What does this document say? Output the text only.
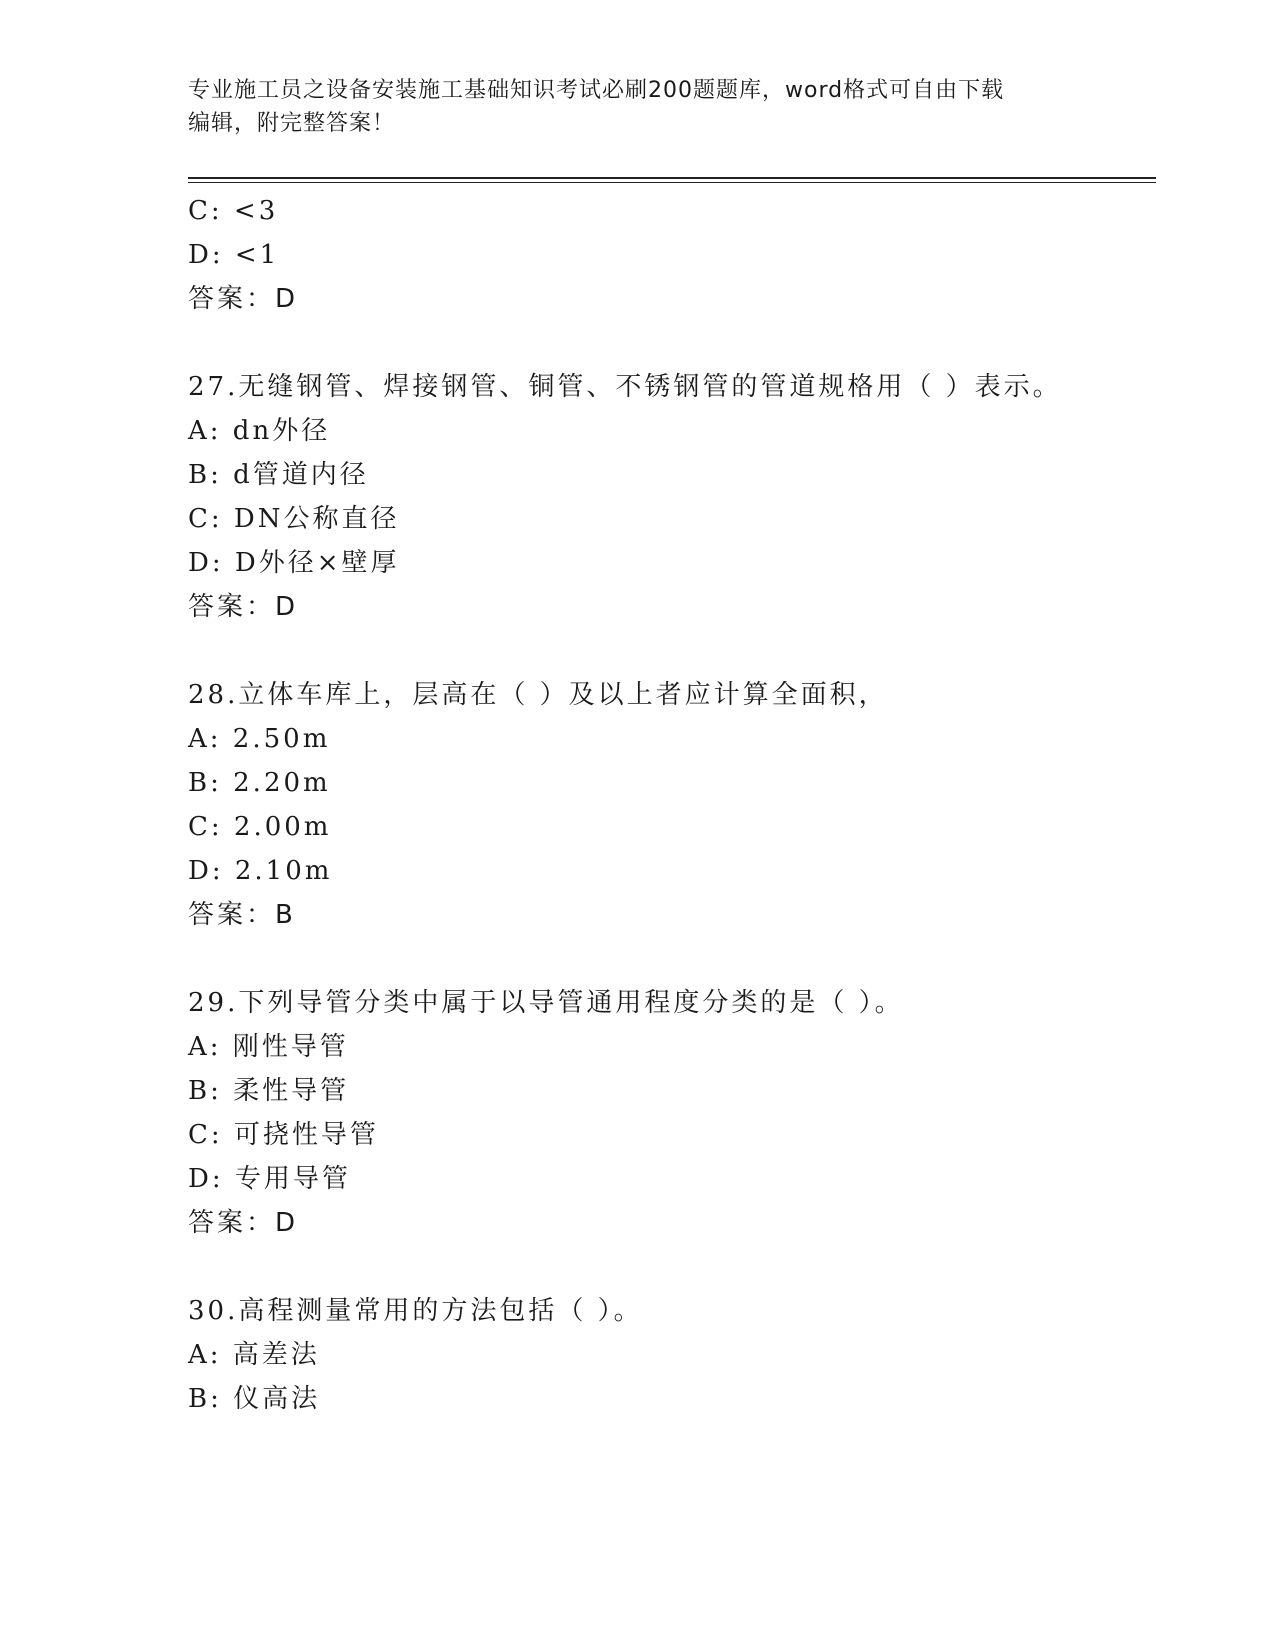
专业施工员之设备安装施工基础知识考试必刷200题题库，word格式可自由下载
编辑，附完整答案！
C: <3
D: <1
答案：D
27.无缝钢管、焊接钢管、铜管、不锈钢管的管道规格用（ ）表示。
A: dn外径
B: d管道内径
C: DN公称直径
D: D外径×壁厚
答案：D
28.立体车库上，层高在（ ）及以上者应计算全面积，
A: 2.50m
B: 2.20m
C: 2.00m
D: 2.10m
答案：B
29.下列导管分类中属于以导管通用程度分类的是（ ）。
A: 刚性导管
B: 柔性导管
C: 可挠性导管
D: 专用导管
答案：D
30.高程测量常用的方法包括（ ）。
A: 高差法
B: 仪高法
